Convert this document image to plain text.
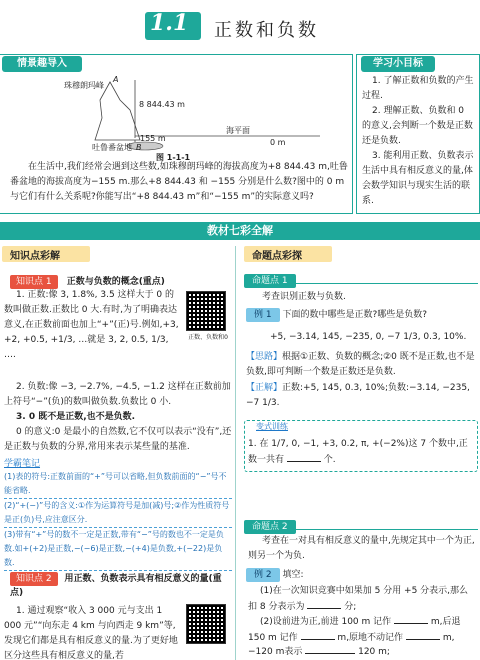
1.1 正数和负数
情景趣导入
珠穆朗玛峰
A
8 844.43 m
海平面
0 m
155 m
吐鲁番盆地 B
图 1-1-1
在生活中,我们经常会遇到这些数,如珠穆朗玛峰的海拔高度为+8 844.43 m,吐鲁番盆地的海拔高度为−155 m.那么+8 844.43 和 −155 分别是什么数?图中的 0 m 与它们有什么关系呢?你能写出“+8 844.43 m”和“−155 m”的实际意义吗?
学习小目标
1. 了解正数和负数的产生过程.
2. 理解正数、负数和 0 的意义,会判断一个数是正数还是负数.
3. 能利用正数、负数表示生活中具有相反意义的量,体会数学知识与现实生活的联系.
教材七彩全解
知识点彩解
知识点 1 正数与负数的概念(重点)
1. 正数:像 3, 1.8%, 3.5 这样大于 0 的数叫做正数.正数比 0 大.有时,为了明确表达意义,在正数前面也加上“+”(正)号.例如,+3, +2, +0.5, +1/3, …就是 3, 2, 0.5, 1/3, ….
正数、负数和0
2. 负数:像 −3, −2.7%, −4.5, −1.2 这样在正数前加上符号“−”(负)的数叫做负数.负数比 0 小.
3. 0 既不是正数,也不是负数.
0 的意义:0 是最小的自然数,它不仅可以表示“没有”,还是正数与负数的分界,常用来表示某些量的基准.
学霸笔记
(1)表的符号:正数前面的“+”号可以省略,但负数前面的“−”号不能省略.
(2)“+(−)”号的含义:①作为运算符号是加(减)号;②作为性质符号是正(负)号,应注意区分.
(3)带有“+”号的数不一定是正数,带有“−”号的数也不一定是负数.如+(+2)是正数,−(−6)是正数,−(+4)是负数,+(−22)是负数.
知识点 2 用正数、负数表示具有相反意义的量(重点)
1. 通过观察“收入 3 000 元与支出 1 000 元”“向东走 4 km 与向西走 9 km”等,发现它们都是具有相反意义的量.为了更好地区分这些具有相反意义的量,若
命题点彩探
命题点 1
考查识别正数与负数.
例 1 下面的数中哪些是正数?哪些是负数?
+5, −3.14, 145, −235, 0, −7 1/3, 0.3, 10%.
【思路】根据①正数、负数的概念;②0 既不是正数,也不是负数,即可判断一个数是正数还是负数.
【正解】正数:+5, 145, 0.3, 10%;负数:−3.14, −235, −7 1/3.
变式训练
1. 在 1/7, 0, −1, +3, 0.2, π, +(−2%)这 7 个数中,正数一共有	个.
命题点 2
考查在一对具有相反意义的量中,先规定其中一个为正,则另一个为负.
例 2 填空:
(1)在一次知识竞赛中如果加 5 分用 +5 分表示,那么扣 8 分表示为	分;
(2)设前进为正,前进 100 m 记作	m,后退 150 m 记作	m,原地不动记作	m,
−120 m表示	120 m;
